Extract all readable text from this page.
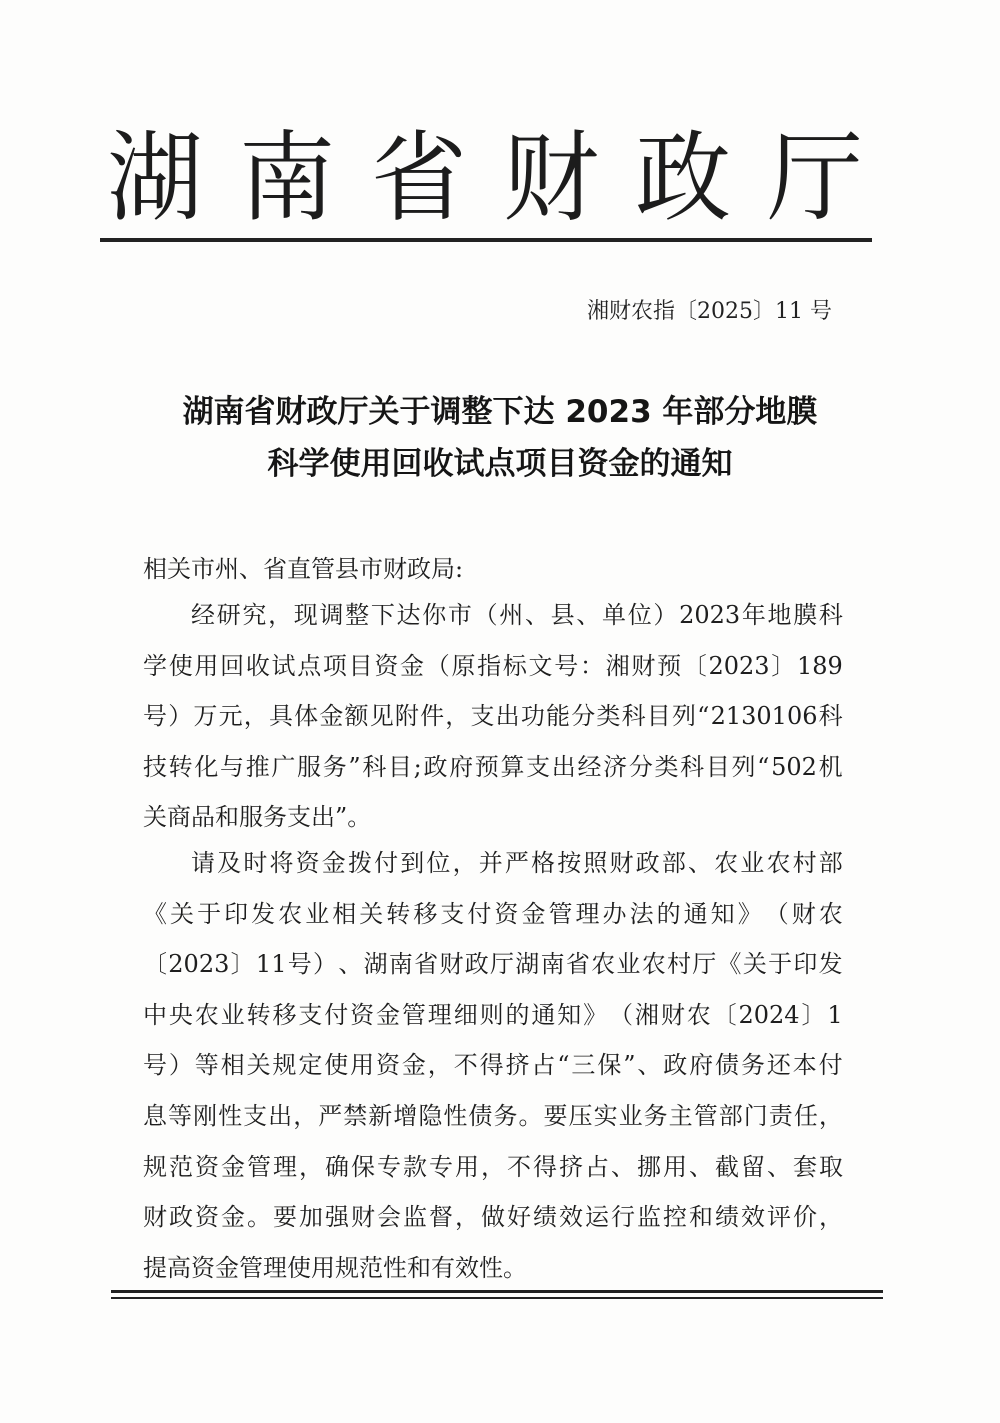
湖 南 省 财 政 厅
湘财农指〔2025〕11 号
湖南省财政厅关于调整下达 2023 年部分地膜
科学使用回收试点项目资金的通知
相关市州、省直管县市财政局:
经 研 究 ， 现 调 整 下 达 你 市 （ 州 、 县 、 单 位 ） 2023 年 地 膜 科
学 使 用 回 收 试 点 项 目 资 金 （ 原 指 标 文 号 ： 湘 财 预 〔 2023 〕 189
号 ） 万 元 ， 具 体 金 额 见 附 件 ， 支 出 功 能 分 类 科 目 列 “ 2130106 科
技 转 化 与 推 广 服 务 ” 科 目 ; 政 府 预 算 支 出 经 济 分 类 科 目 列 “ 502 机
关商品和服务支出”。
请 及 时 将 资 金 拨 付 到 位 ， 并 严 格 按 照 财 政 部 、 农 业 农 村 部
《 关 于 印 发 农 业 相 关 转 移 支 付 资 金 管 理 办 法 的 通 知 》 （ 财 农
〔 2023 〕 11 号 ） 、 湖 南 省 财 政 厅 湖 南 省 农 业 农 村 厅 《 关 于 印 发
中 央 农 业 转 移 支 付 资 金 管 理 细 则 的 通 知 》 （ 湘 财 农 〔 2024 〕 1
号 ） 等 相 关 规 定 使 用 资 金 ， 不 得 挤 占 “ 三 保 ” 、 政 府 债 务 还 本 付
息 等 刚 性 支 出 ， 严 禁 新 增 隐 性 债 务 。 要 压 实 业 务 主 管 部 门 责 任 ，
规 范 资 金 管 理 ， 确 保 专 款 专 用 ， 不 得 挤 占 、 挪 用 、 截 留 、 套 取
财 政 资 金 。 要 加 强 财 会 监 督 ， 做 好 绩 效 运 行 监 控 和 绩 效 评 价 ，
提高资金管理使用规范性和有效性。
